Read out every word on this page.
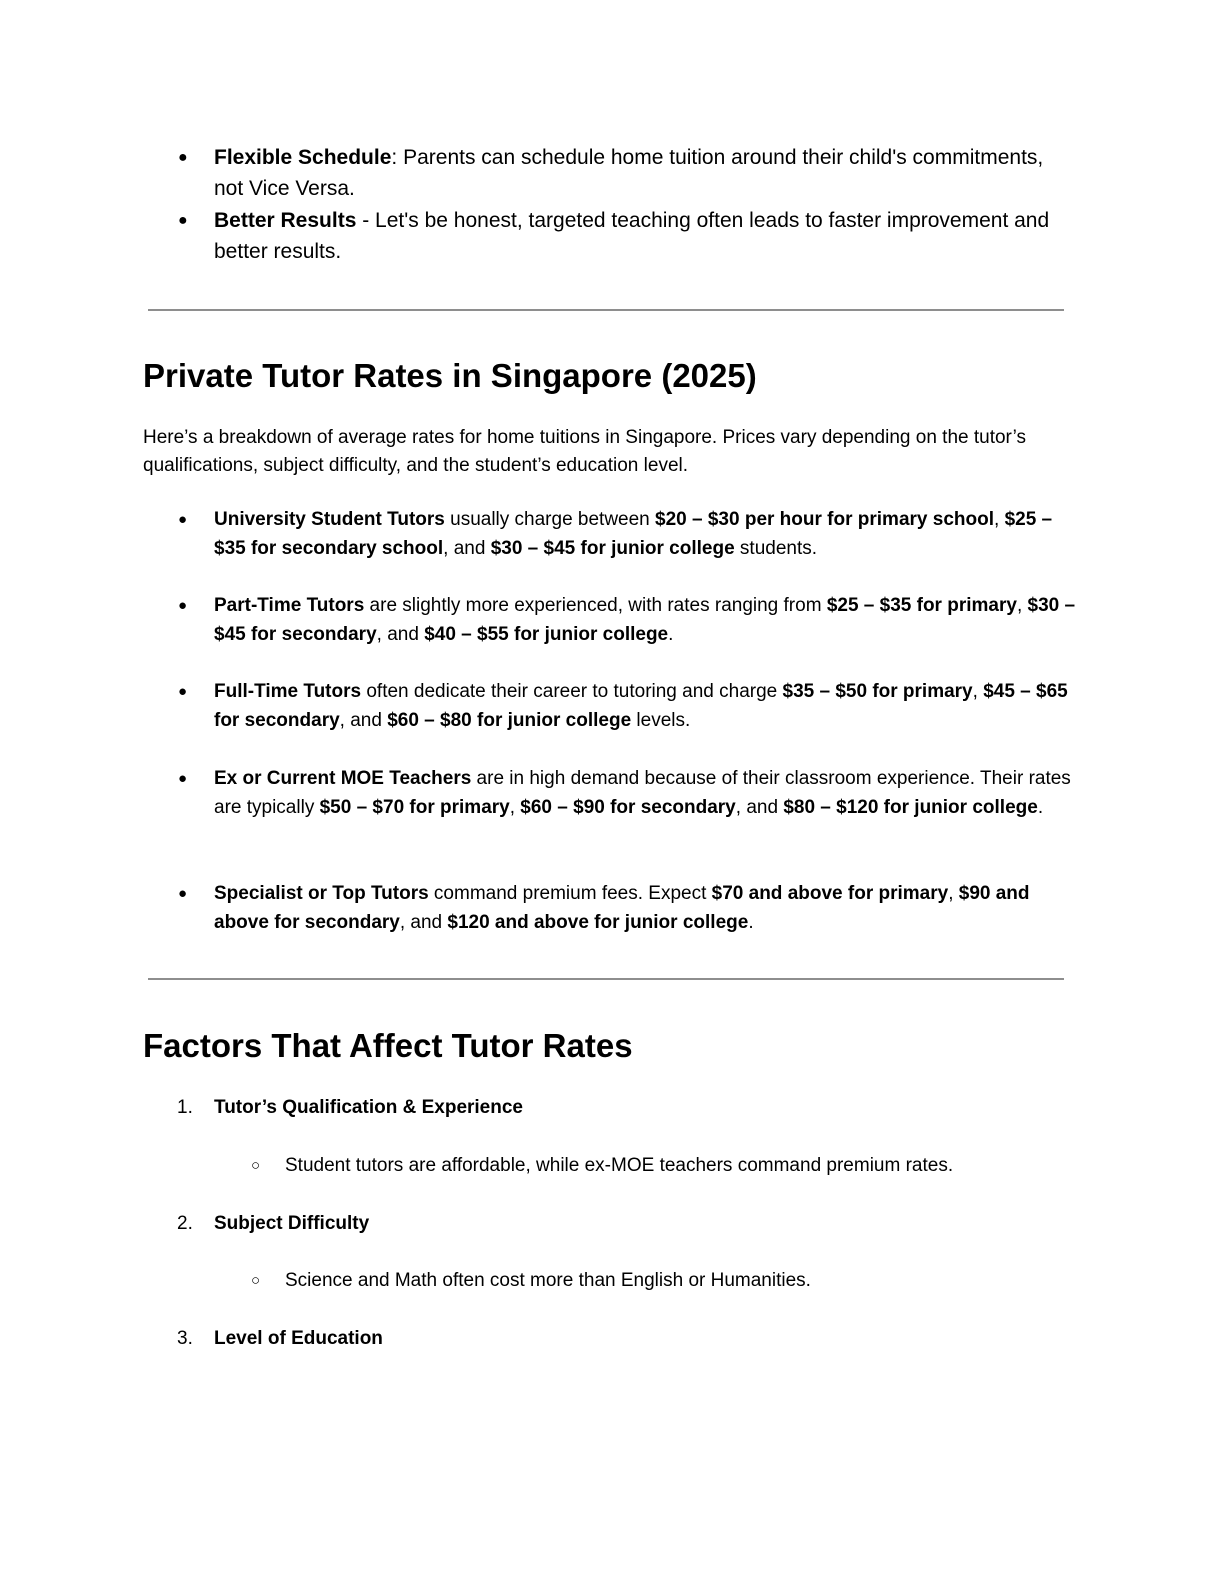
● Flexible Schedule: Parents can schedule home tuition around their child's commitments, not Vice Versa.
● Better Results - Let's be honest, targeted teaching often leads to faster improvement and better results.
Private Tutor Rates in Singapore (2025)

Here’s a breakdown of average rates for home tuitions in Singapore. Prices vary depending on the tutor’s qualifications, subject difficulty, and the student’s education level.

● University Student Tutors usually charge between $20 – $30 per hour for primary school, $25 – $35 for secondary school, and $30 – $45 for junior college students.
● Part-Time Tutors are slightly more experienced, with rates ranging from $25 – $35 for primary, $30 – $45 for secondary, and $40 – $55 for junior college.
● Full-Time Tutors often dedicate their career to tutoring and charge $35 – $50 for primary, $45 – $65 for secondary, and $60 – $80 for junior college levels.
● Ex or Current MOE Teachers are in high demand because of their classroom experience. Their rates are typically $50 – $70 for primary, $60 – $90 for secondary, and $80 – $120 for junior college.
● Specialist or Top Tutors command premium fees. Expect $70 and above for primary, $90 and above for secondary, and $120 and above for junior college.
Factors That Affect Tutor Rates
1. Tutor’s Qualification & Experience
○ Student tutors are affordable, while ex-MOE teachers command premium rates.
2. Subject Difficulty
○ Science and Math often cost more than English or Humanities.
3. Level of Education
